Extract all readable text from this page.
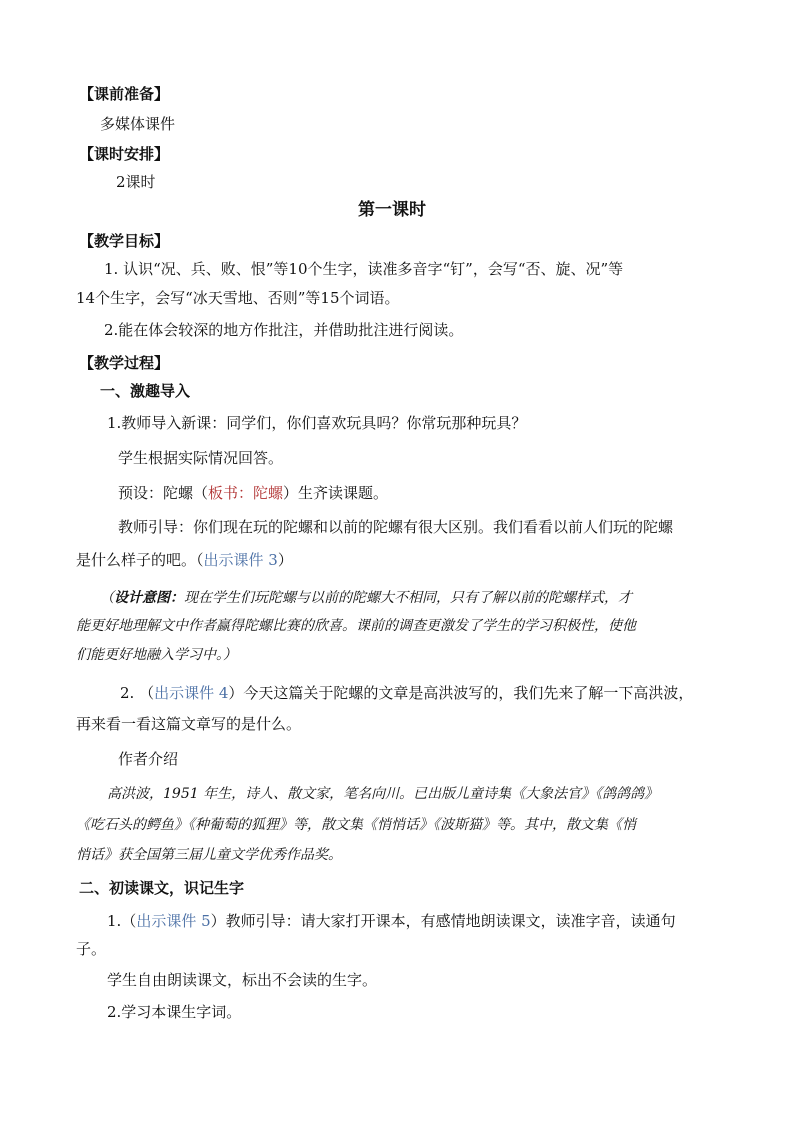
【课前准备】
多媒体课件
【课时安排】
2课时
第一课时
【教学目标】
1. 认识“况、兵、败、恨”等10个生字，读准多音字“钉”，会写“否、旋、况”等
14个生字，会写“冰天雪地、否则”等15个词语。
2.能在体会较深的地方作批注，并借助批注进行阅读。
【教学过程】
一、激趣导入
1.教师导入新课：同学们，你们喜欢玩具吗？你常玩那种玩具？
学生根据实际情况回答。
预设：陀螺（板书：陀螺）生齐读课题。
教师引导：你们现在玩的陀螺和以前的陀螺有很大区别。我们看看以前人们玩的陀螺
是什么样子的吧。（出示课件 3）
（设计意图：现在学生们玩陀螺与以前的陀螺大不相同，只有了解以前的陀螺样式，才
能更好地理解文中作者赢得陀螺比赛的欣喜。课前的调查更激发了学生的学习积极性，使他
们能更好地融入学习中。）
2. （出示课件 4）今天这篇关于陀螺的文章是高洪波写的，我们先来了解一下高洪波，
再来看一看这篇文章写的是什么。
作者介绍
高洪波，1951 年生，诗人、散文家，笔名向川。已出版儿童诗集《大象法官》《鸽鸽鸽》
《吃石头的鳄鱼》《种葡萄的狐狸》等，散文集《悄悄话》《波斯猫》等。其中，散文集《悄
悄话》获全国第三届儿童文学优秀作品奖。
二、初读课文，识记生字
1.（出示课件 5）教师引导：请大家打开课本，有感情地朗读课文，读准字音，读通句
子。
学生自由朗读课文，标出不会读的生字。
2.学习本课生字词。
